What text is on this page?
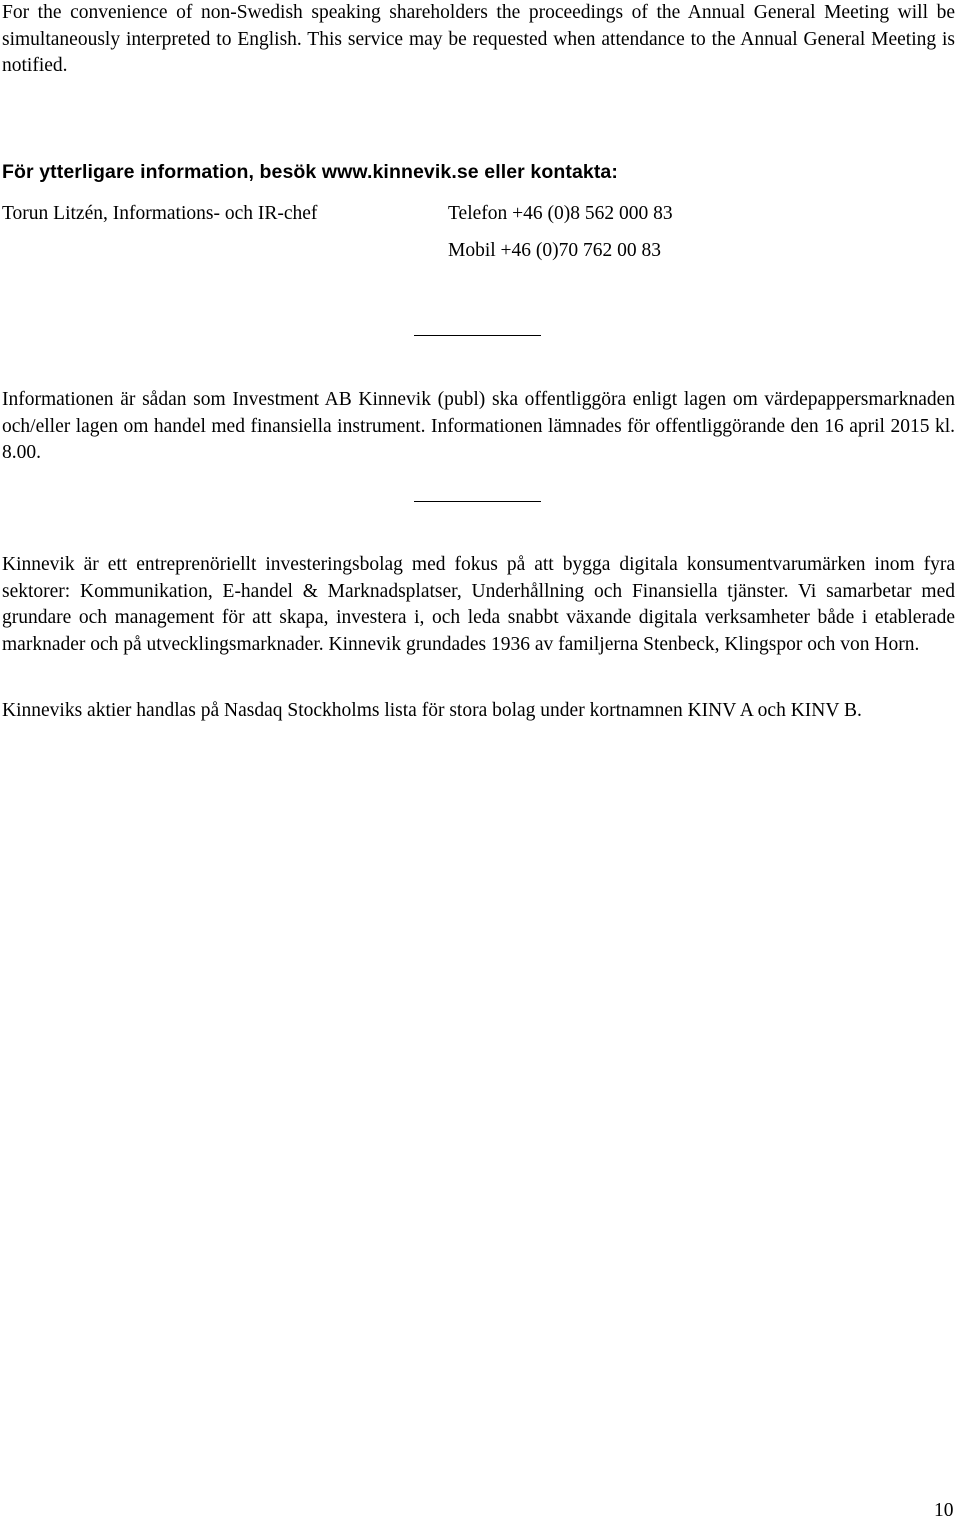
For the convenience of non-Swedish speaking shareholders the proceedings of the Annual General Meeting will be simultaneously interpreted to English. This service may be requested when attendance to the Annual General Meeting is notified.

För ytterligare information, besök www.kinnevik.se eller kontakta:
Torun Litzén, Informations- och IR-chef	Telefon +46 (0)8 562 000 83
Mobil +46 (0)70 762 00 83

Informationen är sådan som Investment AB Kinnevik (publ) ska offentliggöra enligt lagen om värdepappersmarknaden och/eller lagen om handel med finansiella instrument. Informationen lämnades för offentliggörande den 16 april 2015 kl. 8.00.

Kinnevik är ett entreprenöriellt investeringsbolag med fokus på att bygga digitala konsumentvarumärken inom fyra sektorer: Kommunikation, E-handel & Marknadsplatser, Underhållning och Finansiella tjänster. Vi samarbetar med grundare och management för att skapa, investera i, och leda snabbt växande digitala verksamheter både i etablerade marknader och på utvecklingsmarknader. Kinnevik grundades 1936 av familjerna Stenbeck, Klingspor och von Horn.

Kinneviks aktier handlas på Nasdaq Stockholms lista för stora bolag under kortnamnen KINV A och KINV B.

10
